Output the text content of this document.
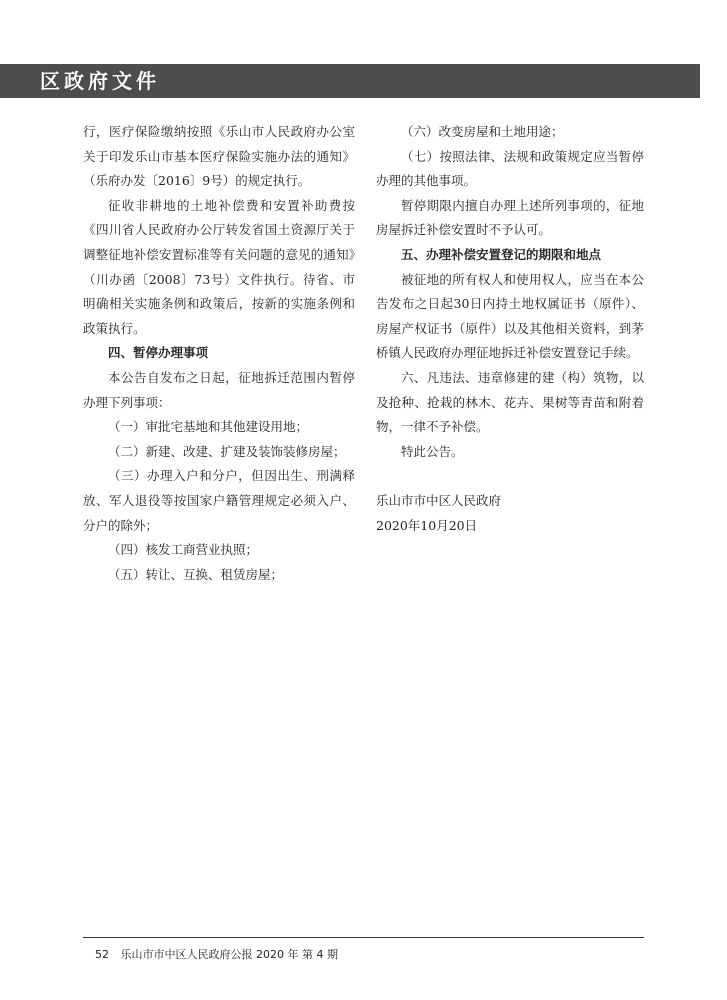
区政府文件

行，医疗保险缴纳按照《乐山市人民政府办公室关于印发乐山市基本医疗保险实施办法的通知》（乐府办发〔2016〕9号）的规定执行。

征收非耕地的土地补偿费和安置补助费按《四川省人民政府办公厅转发省国土资源厅关于调整征地补偿安置标准等有关问题的意见的通知》（川办函〔2008〕73号）文件执行。待省、市明确相关实施条例和政策后，按新的实施条例和政策执行。

四、暂停办理事项

本公告自发布之日起，征地拆迁范围内暂停办理下列事项：

（一）审批宅基地和其他建设用地；

（二）新建、改建、扩建及装饰装修房屋；

（三）办理入户和分户，但因出生、刑满释放、军人退役等按国家户籍管理规定必须入户、分户的除外；

（四）核发工商营业执照；

（五）转让、互换、租赁房屋；

（六）改变房屋和土地用途；

（七）按照法律、法规和政策规定应当暂停办理的其他事项。

暂停期限内擅自办理上述所列事项的，征地房屋拆迁补偿安置时不予认可。

五、办理补偿安置登记的期限和地点

被征地的所有权人和使用权人，应当在本公告发布之日起30日内持土地权属证书（原件）、房屋产权证书（原件）以及其他相关资料，到茅桥镇人民政府办理征地拆迁补偿安置登记手续。

六、凡违法、违章修建的建（构）筑物，以及抢种、抢栽的林木、花卉、果树等青苗和附着物，一律不予补偿。

特此公告。

乐山市市中区人民政府

2020年10月20日

52 乐山市市中区人民政府公报 2020 年 第 4 期
